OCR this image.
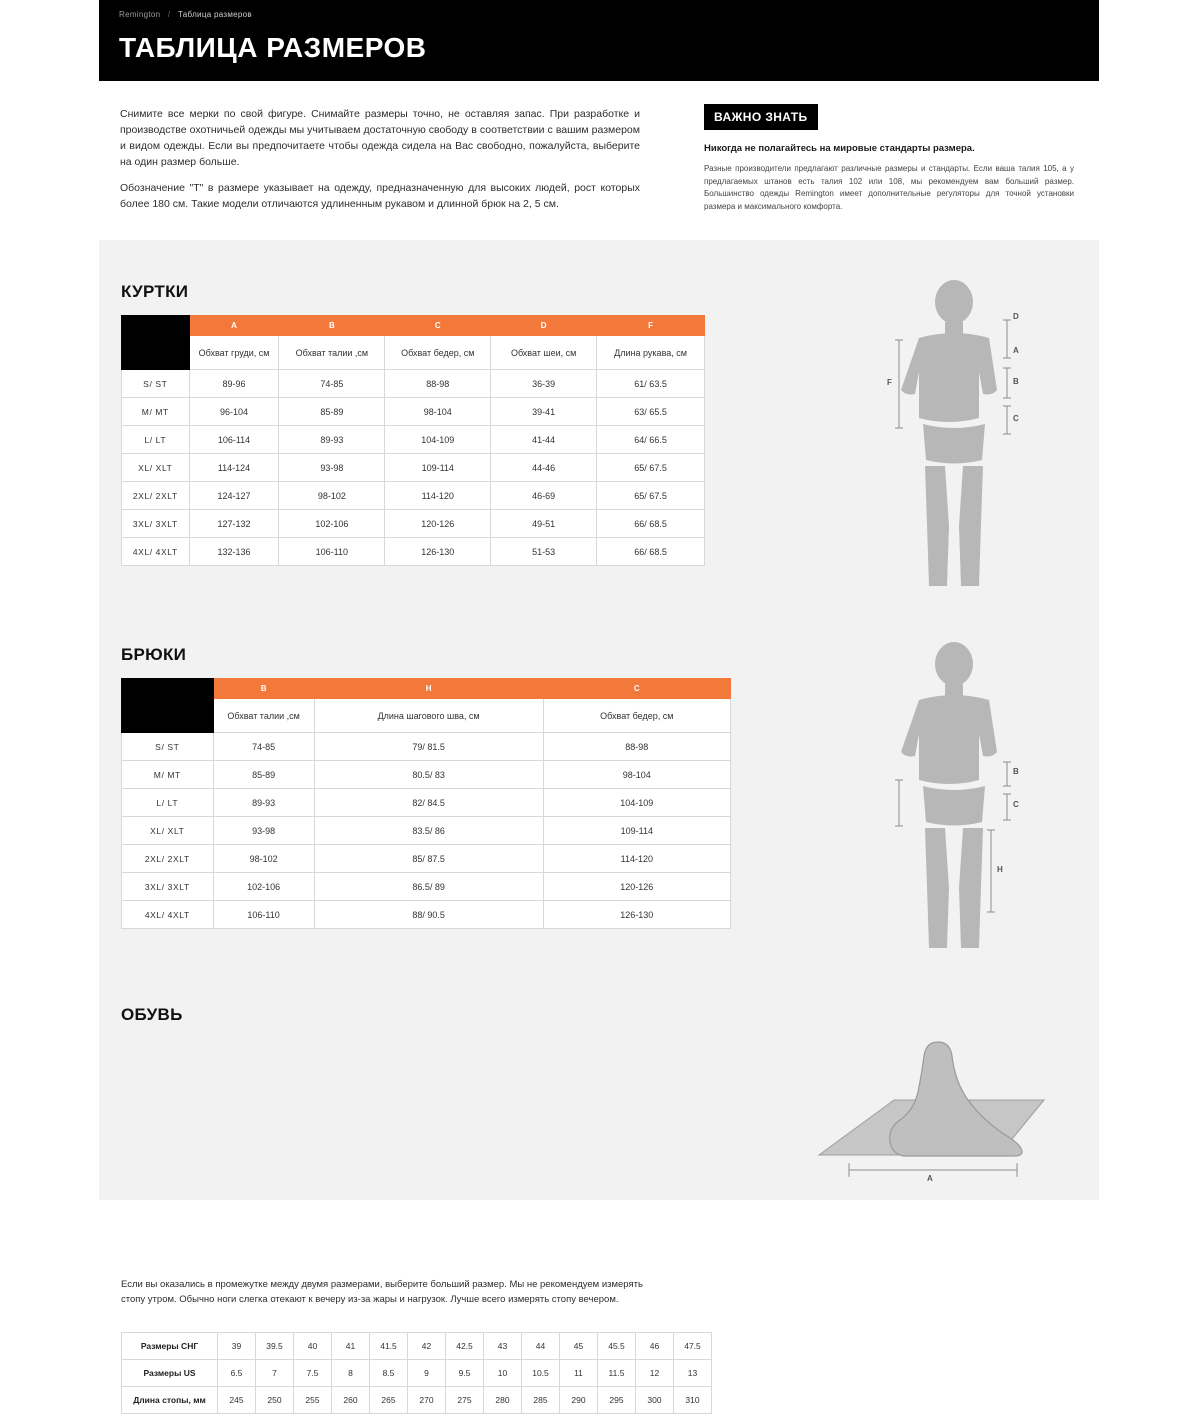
Remington / Таблица размеров
ТАБЛИЦА РАЗМЕРОВ

Снимите все мерки по свой фигуре. Снимайте размеры точно, не оставляя запас. При разработке и производстве охотничьей одежды мы учитываем достаточную свободу в соответствии с вашим размером и видом одежды. Если вы предпочитаете чтобы одежда сидела на Вас свободно, пожалуйста, выберите на один размер больше.

Обозначение "Т" в размере указывает на одежду, предназначенную для высоких людей, рост которых более 180 см. Такие модели отличаются удлиненным рукавом и длинной брюк на 2, 5 см.

ВАЖНО ЗНАТЬ
Никогда не полагайтесь на мировые стандарты размера.
Разные производители предлагают различные размеры и стандарты. Если ваша талия 105, а у предлагаемых штанов есть талия 102 или 108, мы рекомендуем вам больший размер. Большинство одежды Remington имеет дополнительные регуляторы для точной установки размера и максимального комфорта.
КУРТКИ
	A	B	C	D	F
	Обхват груди, см	Обхват талии ,см	Обхват бедер, см	Обхват шеи, см	Длина рукава, см
S/ ST	89-96	74-85	88-98	36-39	61/ 63.5
M/ MT	96-104	85-89	98-104	39-41	63/ 65.5
L/ LT	106-114	89-93	104-109	41-44	64/ 66.5
XL/ XLT	114-124	93-98	109-114	44-46	65/ 67.5
2XL/ 2XLT	124-127	98-102	114-120	46-69	65/ 67.5
3XL/ 3XLT	127-132	102-106	120-126	49-51	66/ 68.5
4XL/ 4XLT	132-136	106-110	126-130	51-53	66/ 68.5
D
A
B
C
F
БРЮКИ
	B	H	C
	Обхват талии ,см	Длина шагового шва, см	Обхват бедер, см
S/ ST	74-85	79/ 81.5	88-98
M/ MT	85-89	80.5/ 83	98-104
L/ LT	89-93	82/ 84.5	104-109
XL/ XLT	93-98	83.5/ 86	109-114
2XL/ 2XLT	98-102	85/ 87.5	114-120
3XL/ 3XLT	102-106	86.5/ 89	120-126
4XL/ 4XLT	106-110	88/ 90.5	126-130
B
C
H
ОБУВЬ
Если вы оказались в промежутке между двумя размерами, выберите больший размер. Мы не рекомендуем измерять стопу утром. Обычно ноги слегка отекают к вечеру из-за жары и нагрузок. Лучше всего измерять стопу вечером.
Размеры СНГ	39	39.5	40	41	41.5	42	42.5	43	44	45	45.5	46	47.5
Размеры US	6.5	7	7.5	8	8.5	9	9.5	10	10.5	11	11.5	12	13
Длина стопы, мм	245	250	255	260	265	270	275	280	285	290	295	300	310
A
